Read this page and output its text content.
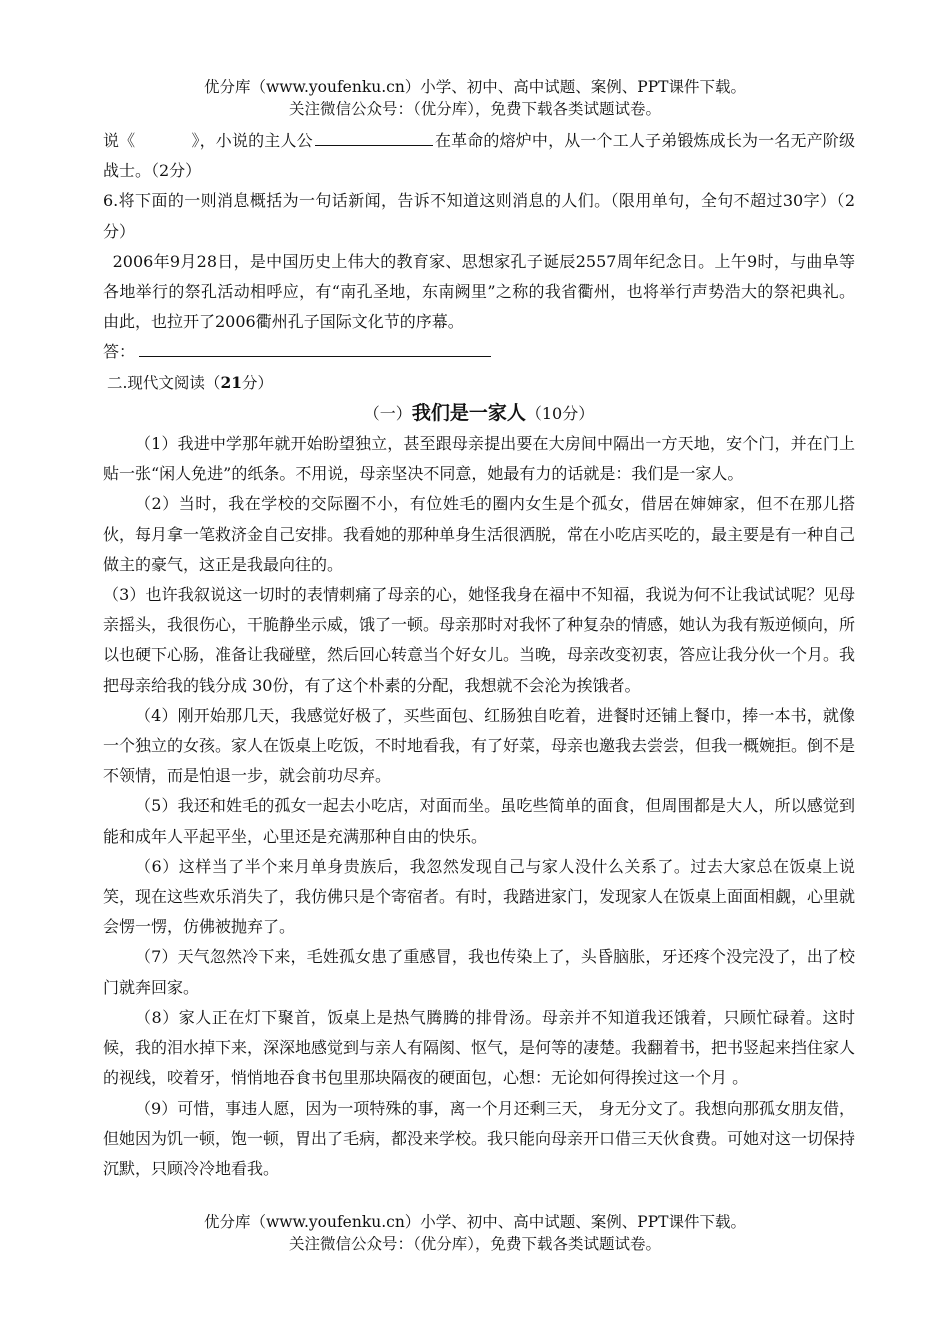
优分库（www.youfenku.cn）小学、初中、高中试题、案例、PPT课件下载。
关注微信公众号：（优分库），免费下载各类试题试卷。

说《	》，小说的主人公	在革命的熔炉中，从一个工人子弟锻炼成长为一名无产阶级战士。（2分）

6.将下面的一则消息概括为一句话新闻，告诉不知道这则消息的人们。（限用单句，全句不超过30字）（2分）

2006年9月28日，是中国历史上伟大的教育家、思想家孔子诞辰2557周年纪念日。上午9时，与曲阜等各地举行的祭孔活动相呼应，有“南孔圣地，东南阙里”之称的我省衢州，也将举行声势浩大的祭祀典礼。由此，也拉开了2006衢州孔子国际文化节的序幕。

答：

二.现代文阅读（21分）

（一）我们是一家人（10分）

（1）我进中学那年就开始盼望独立，甚至跟母亲提出要在大房间中隔出一方天地，安个门，并在门上贴一张“闲人免进”的纸条。不用说，母亲坚决不同意，她最有力的话就是：我们是一家人。

（2）当时，我在学校的交际圈不小，有位姓毛的圈内女生是个孤女，借居在婶婶家，但不在那儿搭伙，每月拿一笔救济金自己安排。我看她的那种单身生活很洒脱，常在小吃店买吃的，最主要是有一种自己做主的豪气，这正是我最向往的。

（3）也许我叙说这一切时的表情刺痛了母亲的心，她怪我身在福中不知福，我说为何不让我试试呢？见母亲摇头，我很伤心，干脆静坐示威，饿了一顿。母亲那时对我怀了种复杂的情感，她认为我有叛逆倾向，所以也硬下心肠，准备让我碰壁，然后回心转意当个好女儿。当晚，母亲改变初衷，答应让我分伙一个月。我把母亲给我的钱分成 30份，有了这个朴素的分配，我想就不会沦为挨饿者。

（4）刚开始那几天，我感觉好极了，买些面包、红肠独自吃着，进餐时还铺上餐巾，捧一本书，就像一个独立的女孩。家人在饭桌上吃饭，不时地看我，有了好菜，母亲也邀我去尝尝，但我一概婉拒。倒不是不领情，而是怕退一步，就会前功尽弃。

（5）我还和姓毛的孤女一起去小吃店，对面而坐。虽吃些简单的面食，但周围都是大人，所以感觉到能和成年人平起平坐，心里还是充满那种自由的快乐。

（6）这样当了半个来月单身贵族后，我忽然发现自己与家人没什么关系了。过去大家总在饭桌上说笑，现在这些欢乐消失了，我仿佛只是个寄宿者。有时，我踏进家门，发现家人在饭桌上面面相觑，心里就会愣一愣，仿佛被抛弃了。

（7）天气忽然冷下来，毛姓孤女患了重感冒，我也传染上了，头昏脑胀，牙还疼个没完没了，出了校门就奔回家。

（8）家人正在灯下聚首，饭桌上是热气腾腾的排骨汤。母亲并不知道我还饿着，只顾忙碌着。这时候，我的泪水掉下来，深深地感觉到与亲人有隔阂、怄气，是何等的凄楚。我翻着书，把书竖起来挡住家人的视线，咬着牙，悄悄地吞食书包里那块隔夜的硬面包，心想：无论如何得挨过这一个月 。

（9）可惜，事违人愿，因为一项特殊的事，离一个月还剩三天， 身无分文了。我想向那孤女朋友借，但她因为饥一顿，饱一顿，胃出了毛病，都没来学校。我只能向母亲开口借三天伙食费。可她对这一切保持沉默，只顾冷冷地看我。

优分库（www.youfenku.cn）小学、初中、高中试题、案例、PPT课件下载。
关注微信公众号：（优分库），免费下载各类试题试卷。
